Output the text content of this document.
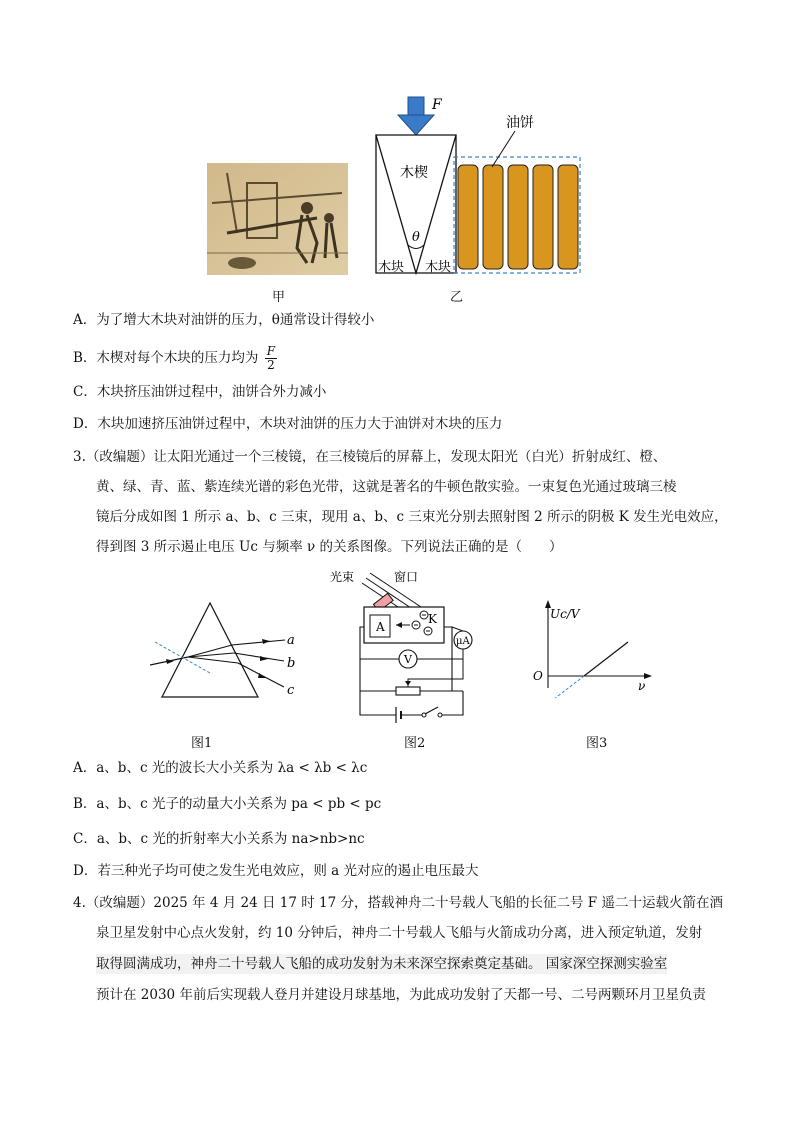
F
木楔
θ
木块 木块
油饼
甲	乙
A．为了增大木块对油饼的压力，θ通常设计得较小
B．木楔对每个木块的压力均为 $\frac{F}{2}$
C．木块挤压油饼过程中，油饼合外力减小
D．木块加速挤压油饼过程中，木块对油饼的压力大于油饼对木块的压力
3.（改编题）让太阳光通过一个三棱镜，在三棱镜后的屏幕上，发现太阳光（白光）折射成红、橙、
黄、绿、青、蓝、紫连续光谱的彩色光带，这就是著名的牛顿色散实验。一束复色光通过玻璃三棱
镜后分成如图 1 所示 a、b、c 三束，现用 a、b、c 三束光分别去照射图 2 所示的阴极 K 发生光电效应，
得到图 3 所示遏止电压 Uc 与频率 ν 的关系图像。下列说法正确的是（　　）
a
b
c
光束	窗口
A
K
μA
V
Uc/V
O
ν
图1	图2	图3
A．a、b、c 光的波长大小关系为 λa < λb < λc
B．a、b、c 光子的动量大小关系为 pa < pb < pc
C．a、b、c 光的折射率大小关系为 na>nb>nc
D．若三种光子均可使之发生光电效应，则 a 光对应的遏止电压最大
4.（改编题）2025 年 4 月 24 日 17 时 17 分，搭载神舟二十号载人飞船的长征二号 F 遥二十运载火箭在酒
泉卫星发射中心点火发射，约 10 分钟后，神舟二十号载人飞船与火箭成功分离，进入预定轨道，发射
取得圆满成功，神舟二十号载人飞船的成功发射为未来深空探索奠定基础。 国家深空探测实验室
预计在 2030 年前后实现载人登月并建设月球基地，为此成功发射了天都一号、二号两颗环月卫星负责
